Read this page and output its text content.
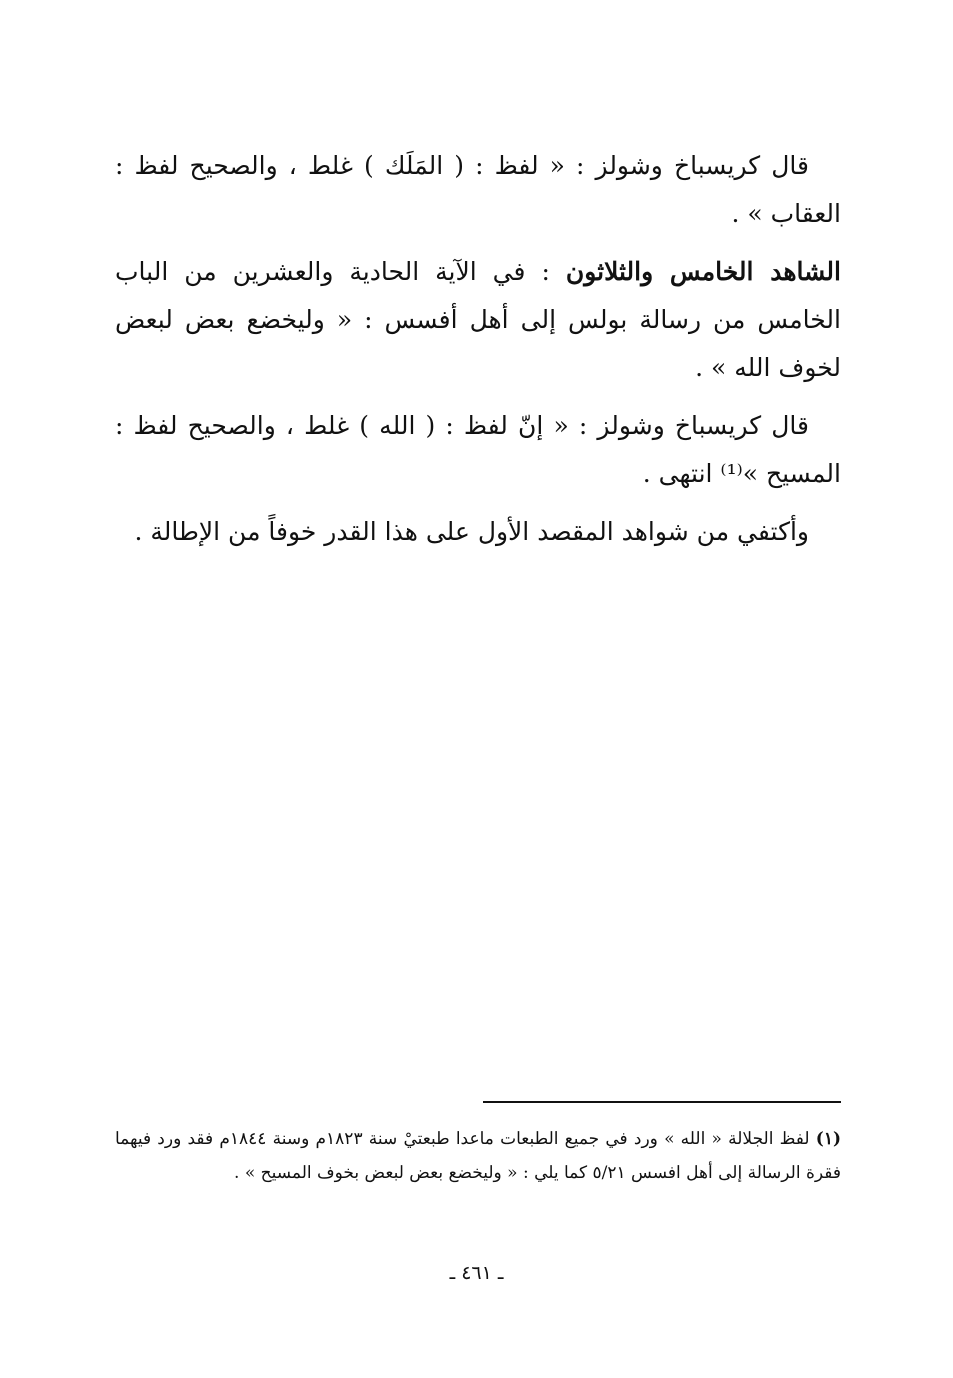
قال كريسباخ وشولز : « لفظ : ( المَلَك ) غلط ، والصحيح لفظ : العقاب » .

الشاهد الخامس والثلاثون : في الآية الحادية والعشرين من الباب الخامس من رسالة بولس إلى أهل أفسس : « وليخضع بعض لبعض لخوف الله » .

قال كريسباخ وشولز : « إنّ لفظ : ( الله ) غلط ، والصحيح لفظ : المسيح »⁽¹⁾ انتهى .

وأكتفي من شواهد المقصد الأول على هذا القدر خوفاً من الإطالة .

(١) لفظ الجلالة « الله » ورد في جميع الطبعات ماعدا طبعتيْ سنة ١٨٢٣م وسنة ١٨٤٤م فقد ورد فيهما فقرة الرسالة إلى أهل افسس ٥/٢١ كما يلي : « وليخضع بعض لبعض بخوف المسيح » .
ـ ٤٦١ ـ
